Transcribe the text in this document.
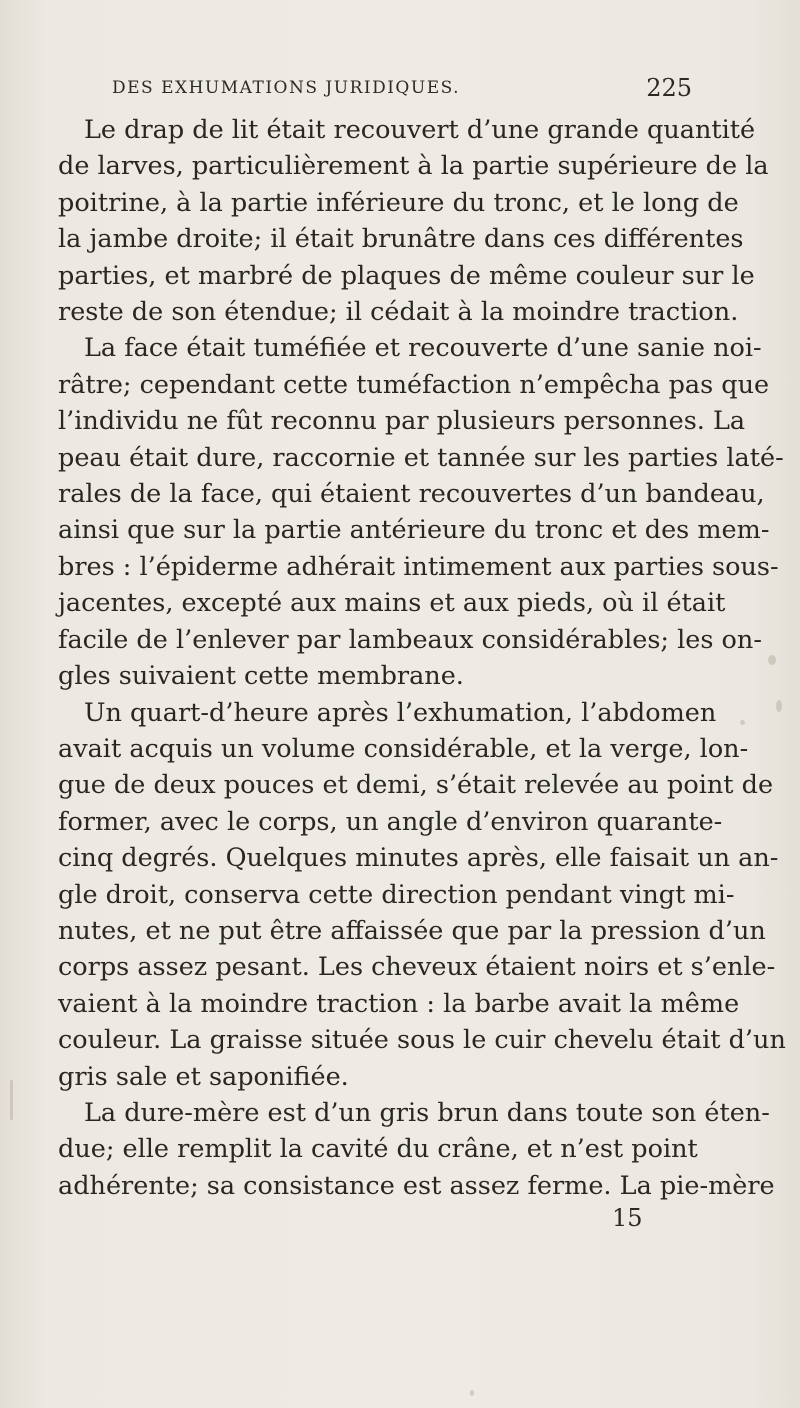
DES EXHUMATIONS JURIDIQUES.	225

Le drap de lit était recouvert d’une grande quantité
de larves, particulièrement à la partie supérieure de la
poitrine, à la partie inférieure du tronc, et le long de
la jambe droite; il était brunâtre dans ces différentes
parties, et marbré de plaques de même couleur sur le
reste de son étendue; il cédait à la moindre traction.

La face était tuméfiée et recouverte d’une sanie noi-
râtre; cependant cette tuméfaction n’empêcha pas que
l’individu ne fût reconnu par plusieurs personnes. La
peau était dure, raccornie et tannée sur les parties laté-
rales de la face, qui étaient recouvertes d’un bandeau,
ainsi que sur la partie antérieure du tronc et des mem-
bres : l’épiderme adhérait intimement aux parties sous-
jacentes, excepté aux mains et aux pieds, où il était
facile de l’enlever par lambeaux considérables; les on-
gles suivaient cette membrane.

Un quart-d’heure après l’exhumation, l’abdomen
avait acquis un volume considérable, et la verge, lon-
gue de deux pouces et demi, s’était relevée au point de
former, avec le corps, un angle d’environ quarante-
cinq degrés. Quelques minutes après, elle faisait un an-
gle droit, conserva cette direction pendant vingt mi-
nutes, et ne put être affaissée que par la pression d’un
corps assez pesant. Les cheveux étaient noirs et s’enle-
vaient à la moindre traction : la barbe avait la même
couleur. La graisse située sous le cuir chevelu était d’un
gris sale et saponifiée.

La dure-mère est d’un gris brun dans toute son éten-
due; elle remplit la cavité du crâne, et n’est point
adhérente; sa consistance est assez ferme. La pie-mère

15
